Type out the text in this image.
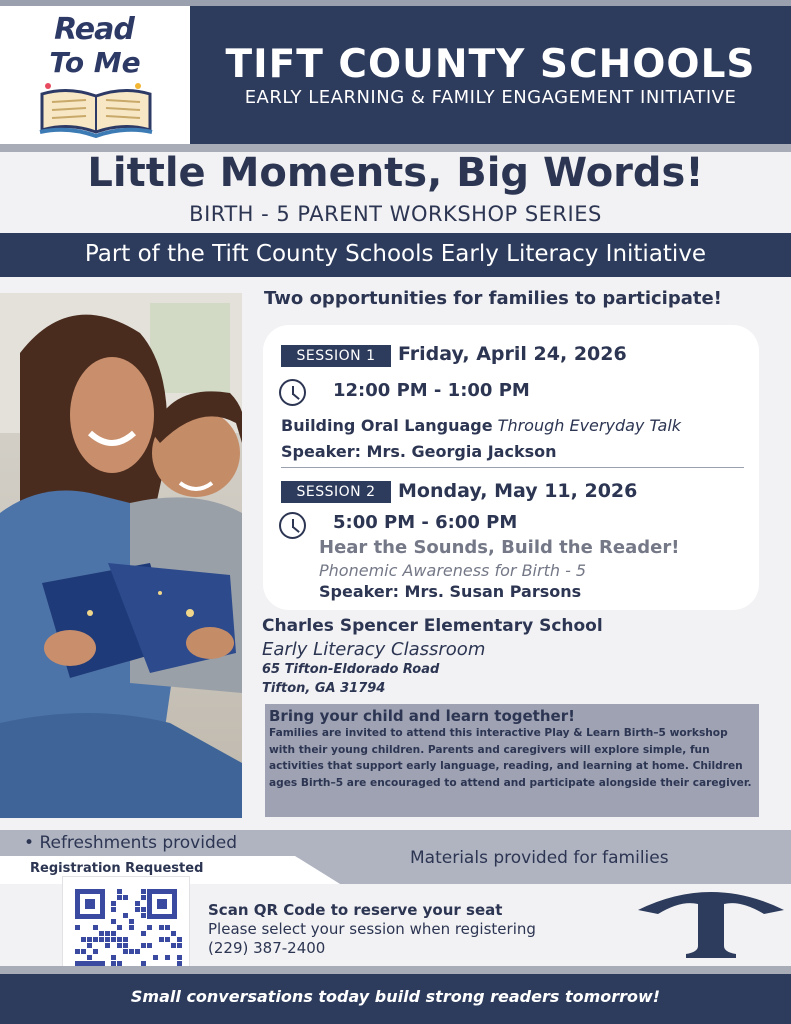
Read
To Me	TIFT COUNTY SCHOOLS
EARLY LEARNING & FAMILY ENGAGEMENT INITIATIVE
Little Moments, Big Words!
BIRTH - 5 PARENT WORKSHOP SERIES
Part of the Tift County Schools Early Literacy Initiative
Two opportunities for families to participate!
SESSION 1	Friday, April 24, 2026
12:00 PM - 1:00 PM
Building Oral Language Through Everyday Talk
Speaker: Mrs. Georgia Jackson
SESSION 2	Monday, May 11, 2026
5:00 PM - 6:00 PM
Hear the Sounds, Build the Reader!
Phonemic Awareness for Birth - 5
Speaker: Mrs. Susan Parsons
Charles Spencer Elementary School
Early Literacy Classroom
65 Tifton-Eldorado Road
Tifton, GA 31794
Bring your child and learn together!
Families are invited to attend this interactive Play & Learn Birth–5 workshop with their young children. Parents and caregivers will explore simple, fun activities that support early language, reading, and learning at home. Children ages Birth–5 are encouraged to attend and participate alongside their caregiver.
• Refreshments provided
Materials provided for families
Registration Requested
Scan QR Code to reserve your seat
Please select your session when registering
(229) 387-2400
Small conversations today build strong readers tomorrow!
